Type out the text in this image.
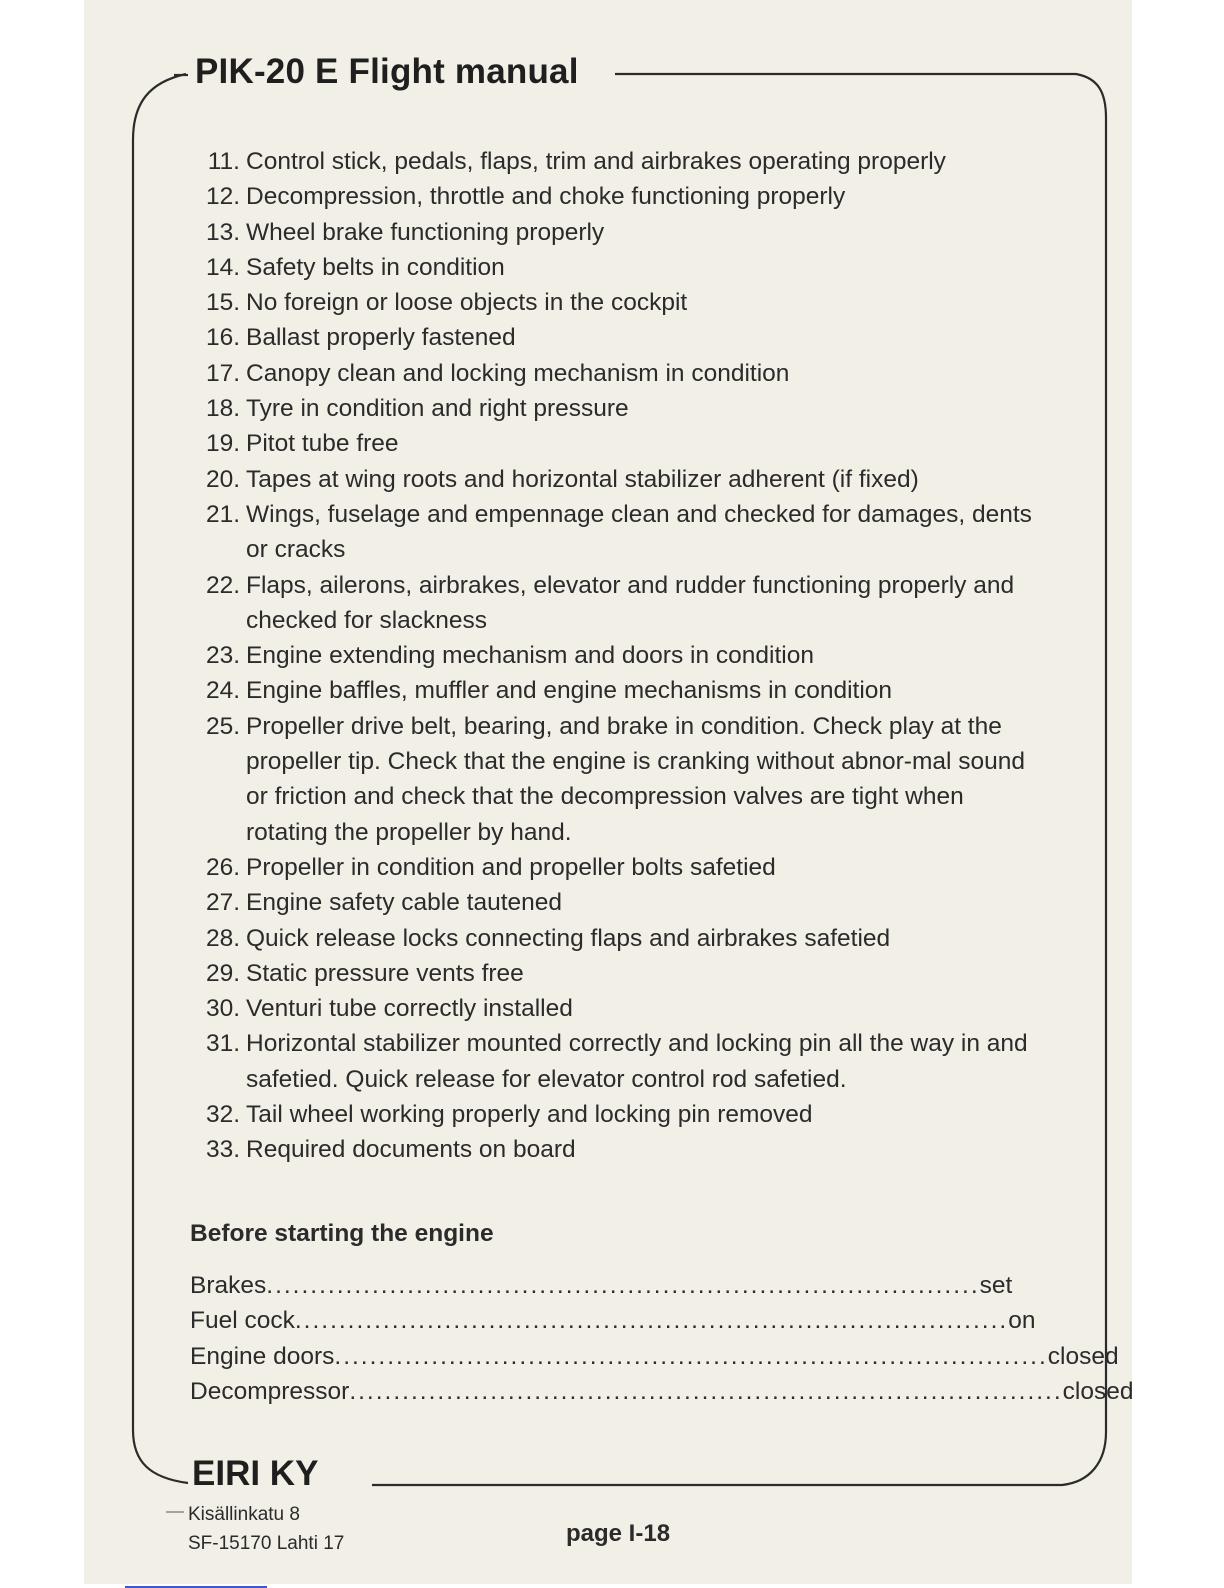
PIK-20 E Flight manual
11. Control stick, pedals, flaps, trim and airbrakes operating properly
12. Decompression, throttle and choke functioning properly
13. Wheel brake functioning properly
14. Safety belts in condition
15. No foreign or loose objects in the cockpit
16. Ballast properly fastened
17. Canopy clean and locking mechanism in condition
18. Tyre in condition and right pressure
19. Pitot tube free
20. Tapes at wing roots and horizontal stabilizer adherent (if fixed)
21. Wings, fuselage and empennage clean and checked for damages, dents or cracks
22. Flaps, ailerons, airbrakes, elevator and rudder functioning properly and checked for slackness
23. Engine extending mechanism and doors in condition
24. Engine baffles, muffler and engine mechanisms in condition
25. Propeller drive belt, bearing, and brake in condition. Check play at the propeller tip. Check that the engine is cranking without abnor-mal sound or friction and check that the decompression valves are tight when rotating the propeller by hand.
26. Propeller in condition and propeller bolts safetied
27. Engine safety cable tautened
28. Quick release locks connecting flaps and airbrakes safetied
29. Static pressure vents free
30. Venturi tube correctly installed
31. Horizontal stabilizer mounted correctly and locking pin all the way in and safetied. Quick release for elevator control rod safetied.
32. Tail wheel working properly and locking pin removed
33. Required documents on board
Before starting the engine
Brakes ................................................................................. set
Fuel cock ................................................................................. on
Engine doors ................................................................................. closed
Decompressor ................................................................................. closed
EIRI KY
Kisällinkatu 8
SF-15170 Lahti 17	page I-18
